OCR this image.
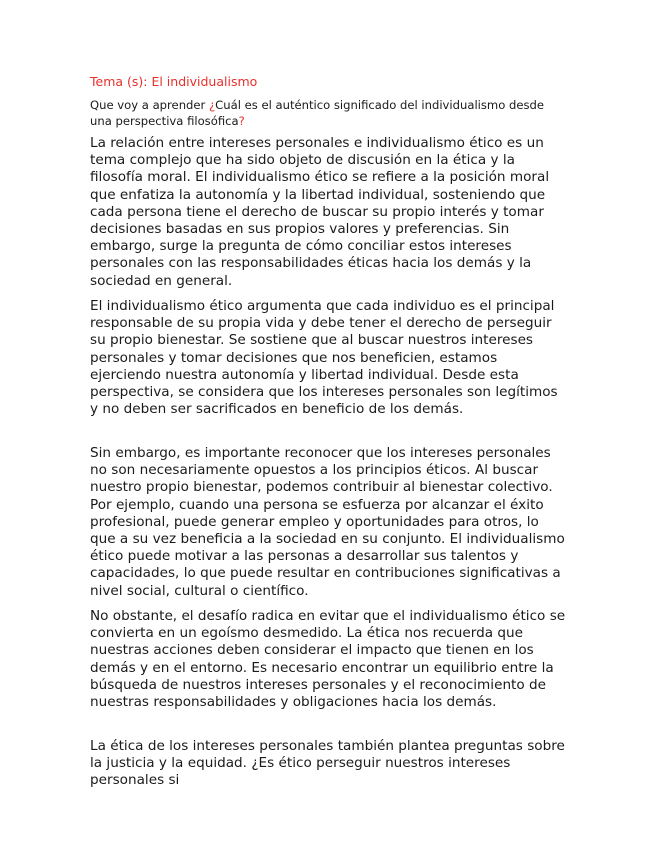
Tema (s): El individualismo
Que voy a aprender ¿Cuál es el auténtico significado del individualismo desde una perspectiva filosófica?

La relación entre intereses personales e individualismo ético es un tema complejo que ha sido objeto de discusión en la ética y la filosofía moral. El individualismo ético se refiere a la posición moral que enfatiza la autonomía y la libertad individual, sosteniendo que cada persona tiene el derecho de buscar su propio interés y tomar decisiones basadas en sus propios valores y preferencias. Sin embargo, surge la pregunta de cómo conciliar estos intereses personales con las responsabilidades éticas hacia los demás y la sociedad en general.

El individualismo ético argumenta que cada individuo es el principal responsable de su propia vida y debe tener el derecho de perseguir su propio bienestar. Se sostiene que al buscar nuestros intereses personales y tomar decisiones que nos beneficien, estamos ejerciendo nuestra autonomía y libertad individual. Desde esta perspectiva, se considera que los intereses personales son legítimos y no deben ser sacrificados en beneficio de los demás.

Sin embargo, es importante reconocer que los intereses personales no son necesariamente opuestos a los principios éticos. Al buscar nuestro propio bienestar, podemos contribuir al bienestar colectivo. Por ejemplo, cuando una persona se esfuerza por alcanzar el éxito profesional, puede generar empleo y oportunidades para otros, lo que a su vez beneficia a la sociedad en su conjunto. El individualismo ético puede motivar a las personas a desarrollar sus talentos y capacidades, lo que puede resultar en contribuciones significativas a nivel social, cultural o científico.

No obstante, el desafío radica en evitar que el individualismo ético se convierta en un egoísmo desmedido. La ética nos recuerda que nuestras acciones deben considerar el impacto que tienen en los demás y en el entorno. Es necesario encontrar un equilibrio entre la búsqueda de nuestros intereses personales y el reconocimiento de nuestras responsabilidades y obligaciones hacia los demás.

La ética de los intereses personales también plantea preguntas sobre la justicia y la equidad. ¿Es ético perseguir nuestros intereses personales si
